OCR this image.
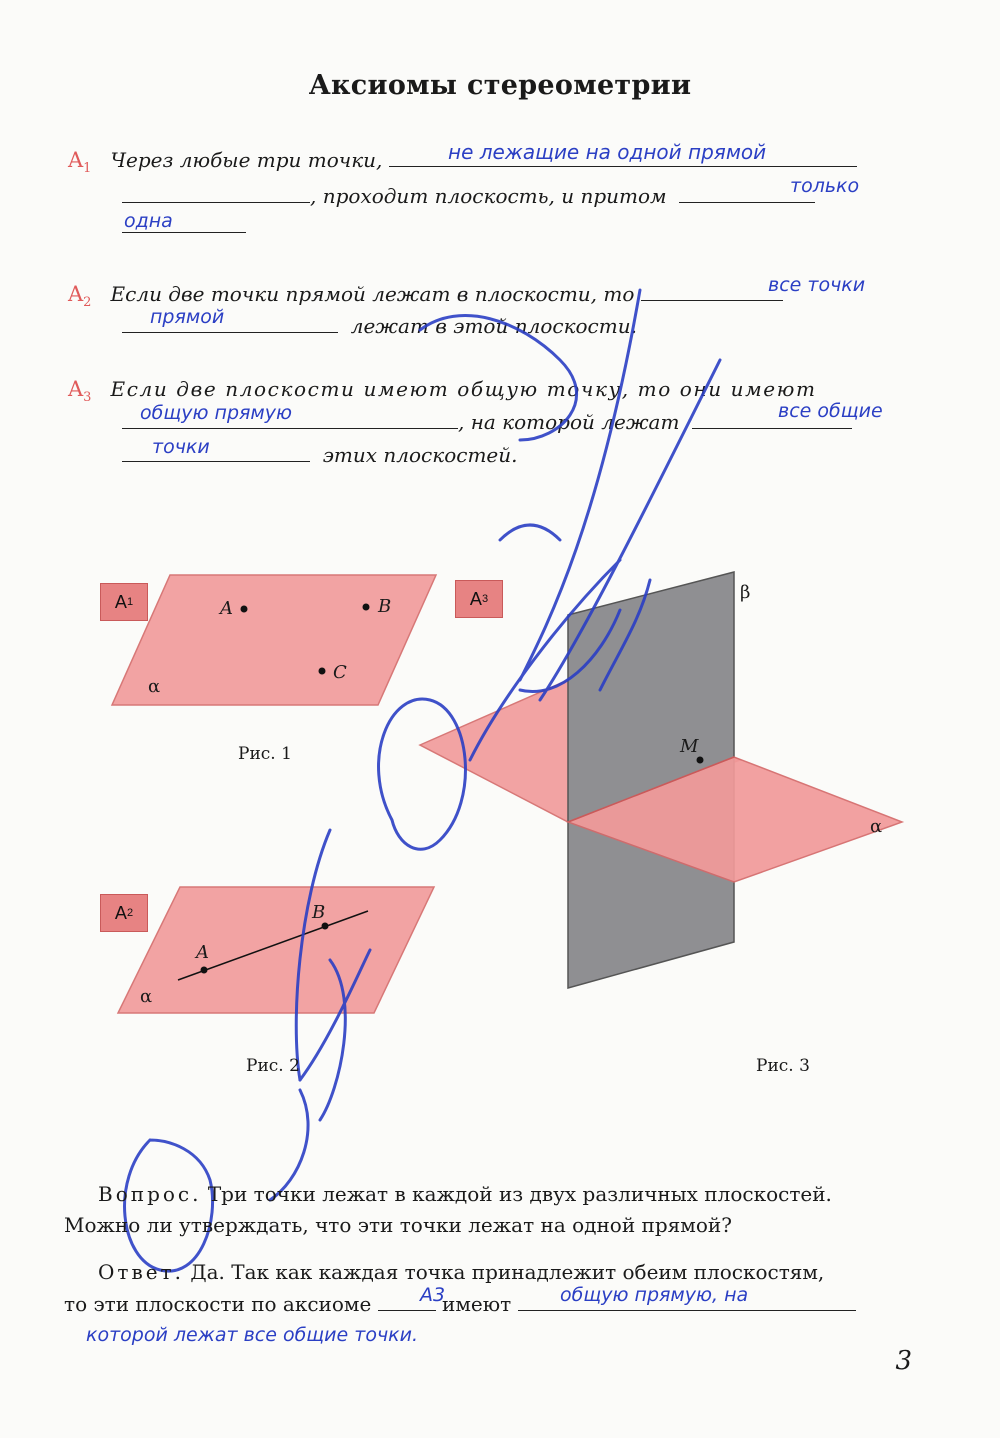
Аксиомы стереометрии
$A_1$ Через любые три точки,	не лежащие на одной прямой
, проходит плоскость, и притом	только
одна
$A_2$ Если две точки прямой лежат в плоскости, то	все точки
лежат в этой плоскости.
прямой
$A_3$ Если две плоскости имеют общую точку, то они имеют
, на которой лежат
общую прямую	все общие
этих плоскостей.
точки
A 1	A	B
C
α
Рис. 1
A 2
A
B
α
Рис. 2
A 3
M
α
β
Рис. 3
Вопрос. Три точки лежат в каждой из двух различных плоскостей.
Можно ли утверждать, что эти точки лежат на одной прямой?
Ответ. Да. Так как каждая точка принадлежит обеим плоскостям,
то эти плоскости по аксиоме	имеют
A3	общую прямую, на
которой лежат все общие точки.
3
